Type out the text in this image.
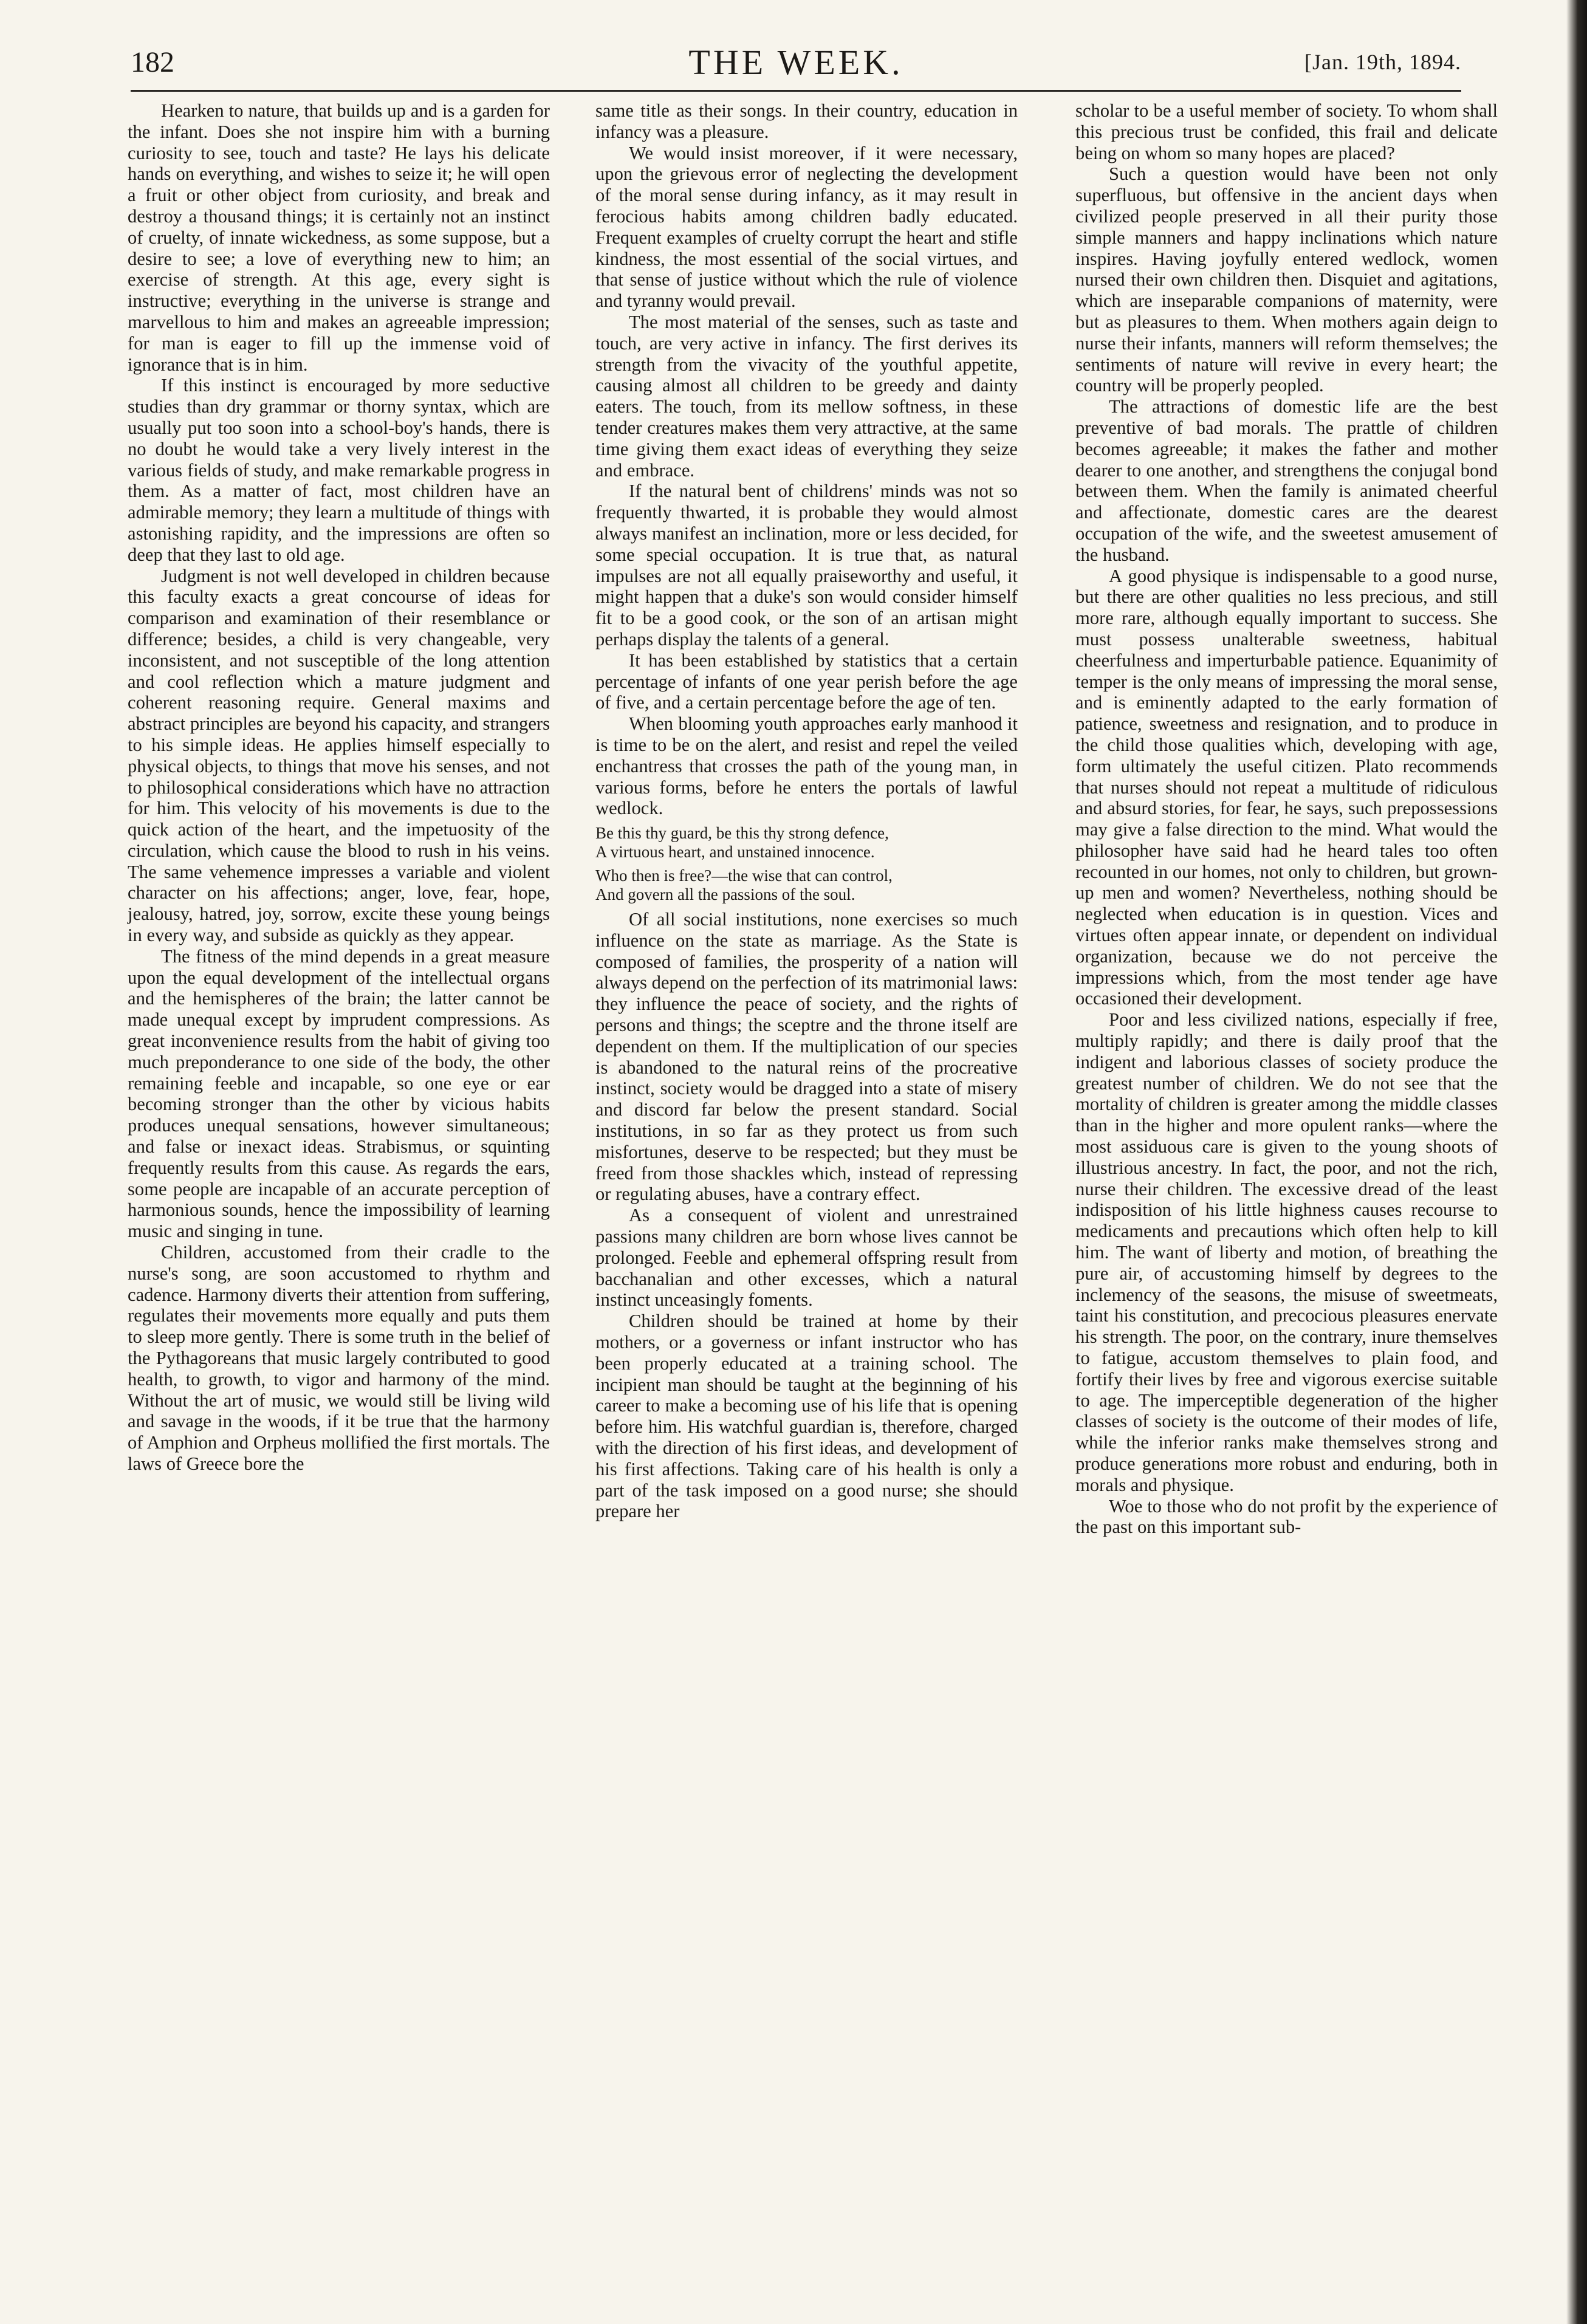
182	THE WEEK.	[Jan. 19th, 1894.

Hearken to nature, that builds up and is a garden for the infant. Does she not inspire him with a burning curiosity to see, touch and taste? He lays his delicate hands on everything, and wishes to seize it; he will open a fruit or other object from curiosity, and break and destroy a thousand things; it is certainly not an instinct of cruelty, of innate wickedness, as some suppose, but a desire to see; a love of everything new to him; an exercise of strength. At this age, every sight is instructive; everything in the universe is strange and marvellous to him and makes an agreeable impression; for man is eager to fill up the immense void of ignorance that is in him.

If this instinct is encouraged by more seductive studies than dry grammar or thorny syntax, which are usually put too soon into a school-boy's hands, there is no doubt he would take a very lively interest in the various fields of study, and make remarkable progress in them. As a matter of fact, most children have an admirable memory; they learn a multitude of things with astonishing rapidity, and the impressions are often so deep that they last to old age.

Judgment is not well developed in children because this faculty exacts a great concourse of ideas for comparison and examination of their resemblance or difference; besides, a child is very changeable, very inconsistent, and not susceptible of the long attention and cool reflection which a mature judgment and coherent reasoning require. General maxims and abstract principles are beyond his capacity, and strangers to his simple ideas. He applies himself especially to physical objects, to things that move his senses, and not to philosophical considerations which have no attraction for him. This velocity of his movements is due to the quick action of the heart, and the impetuosity of the circulation, which cause the blood to rush in his veins. The same vehemence impresses a variable and violent character on his affections; anger, love, fear, hope, jealousy, hatred, joy, sorrow, excite these young beings in every way, and subside as quickly as they appear.

The fitness of the mind depends in a great measure upon the equal development of the intellectual organs and the hemispheres of the brain; the latter cannot be made unequal except by imprudent compressions. As great inconvenience results from the habit of giving too much preponderance to one side of the body, the other remaining feeble and incapable, so one eye or ear becoming stronger than the other by vicious habits produces unequal sensations, however simultaneous; and false or inexact ideas. Strabismus, or squinting frequently results from this cause. As regards the ears, some people are incapable of an accurate perception of harmonious sounds, hence the impossibility of learning music and singing in tune.

Children, accustomed from their cradle to the nurse's song, are soon accustomed to rhythm and cadence. Harmony diverts their attention from suffering, regulates their movements more equally and puts them to sleep more gently. There is some truth in the belief of the Pythagoreans that music largely contributed to good health, to growth, to vigor and harmony of the mind. Without the art of music, we would still be living wild and savage in the woods, if it be true that the harmony of Amphion and Orpheus mollified the first mortals. The laws of Greece bore the

same title as their songs. In their country, education in infancy was a pleasure.

We would insist moreover, if it were necessary, upon the grievous error of neglecting the development of the moral sense during infancy, as it may result in ferocious habits among children badly educated. Frequent examples of cruelty corrupt the heart and stifle kindness, the most essential of the social virtues, and that sense of justice without which the rule of violence and tyranny would prevail.

The most material of the senses, such as taste and touch, are very active in infancy. The first derives its strength from the vivacity of the youthful appetite, causing almost all children to be greedy and dainty eaters. The touch, from its mellow softness, in these tender creatures makes them very attractive, at the same time giving them exact ideas of everything they seize and embrace.

If the natural bent of childrens' minds was not so frequently thwarted, it is probable they would almost always manifest an inclination, more or less decided, for some special occupation. It is true that, as natural impulses are not all equally praiseworthy and useful, it might happen that a duke's son would consider himself fit to be a good cook, or the son of an artisan might perhaps display the talents of a general.

It has been established by statistics that a certain percentage of infants of one year perish before the age of five, and a certain percentage before the age of ten.

When blooming youth approaches early manhood it is time to be on the alert, and resist and repel the veiled enchantress that crosses the path of the young man, in various forms, before he enters the portals of lawful wedlock.

Be this thy guard, be this thy strong defence,
A virtuous heart, and unstained innocence.
Who then is free?—the wise that can control,
And govern all the passions of the soul.

Of all social institutions, none exercises so much influence on the state as marriage. As the State is composed of families, the prosperity of a nation will always depend on the perfection of its matrimonial laws: they influence the peace of society, and the rights of persons and things; the sceptre and the throne itself are dependent on them. If the multiplication of our species is abandoned to the natural reins of the procreative instinct, society would be dragged into a state of misery and discord far below the present standard. Social institutions, in so far as they protect us from such misfortunes, deserve to be respected; but they must be freed from those shackles which, instead of repressing or regulating abuses, have a contrary effect.

As a consequent of violent and unrestrained passions many children are born whose lives cannot be prolonged. Feeble and ephemeral offspring result from bacchanalian and other excesses, which a natural instinct unceasingly foments.

Children should be trained at home by their mothers, or a governess or infant instructor who has been properly educated at a training school. The incipient man should be taught at the beginning of his career to make a becoming use of his life that is opening before him. His watchful guardian is, therefore, charged with the direction of his first ideas, and development of his first affections. Taking care of his health is only a part of the task imposed on a good nurse; she should prepare her

scholar to be a useful member of society. To whom shall this precious trust be confided, this frail and delicate being on whom so many hopes are placed?

Such a question would have been not only superfluous, but offensive in the ancient days when civilized people preserved in all their purity those simple manners and happy inclinations which nature inspires. Having joyfully entered wedlock, women nursed their own children then. Disquiet and agitations, which are inseparable companions of maternity, were but as pleasures to them. When mothers again deign to nurse their infants, manners will reform themselves; the sentiments of nature will revive in every heart; the country will be properly peopled.

The attractions of domestic life are the best preventive of bad morals. The prattle of children becomes agreeable; it makes the father and mother dearer to one another, and strengthens the conjugal bond between them. When the family is animated cheerful and affectionate, domestic cares are the dearest occupation of the wife, and the sweetest amusement of the husband.

A good physique is indispensable to a good nurse, but there are other qualities no less precious, and still more rare, although equally important to success. She must possess unalterable sweetness, habitual cheerfulness and imperturbable patience. Equanimity of temper is the only means of impressing the moral sense, and is eminently adapted to the early formation of patience, sweetness and resignation, and to produce in the child those qualities which, developing with age, form ultimately the useful citizen. Plato recommends that nurses should not repeat a multitude of ridiculous and absurd stories, for fear, he says, such prepossessions may give a false direction to the mind. What would the philosopher have said had he heard tales too often recounted in our homes, not only to children, but grown-up men and women? Nevertheless, nothing should be neglected when education is in question. Vices and virtues often appear innate, or dependent on individual organization, because we do not perceive the impressions which, from the most tender age have occasioned their development.

Poor and less civilized nations, especially if free, multiply rapidly; and there is daily proof that the indigent and laborious classes of society produce the greatest number of children. We do not see that the mortality of children is greater among the middle classes than in the higher and more opulent ranks—where the most assiduous care is given to the young shoots of illustrious ancestry. In fact, the poor, and not the rich, nurse their children. The excessive dread of the least indisposition of his little highness causes recourse to medicaments and precautions which often help to kill him. The want of liberty and motion, of breathing the pure air, of accustoming himself by degrees to the inclemency of the seasons, the misuse of sweetmeats, taint his constitution, and precocious pleasures enervate his strength. The poor, on the contrary, inure themselves to fatigue, accustom themselves to plain food, and fortify their lives by free and vigorous exercise suitable to age. The imperceptible degeneration of the higher classes of society is the outcome of their modes of life, while the inferior ranks make themselves strong and produce generations more robust and enduring, both in morals and physique.

Woe to those who do not profit by the experience of the past on this important sub-
